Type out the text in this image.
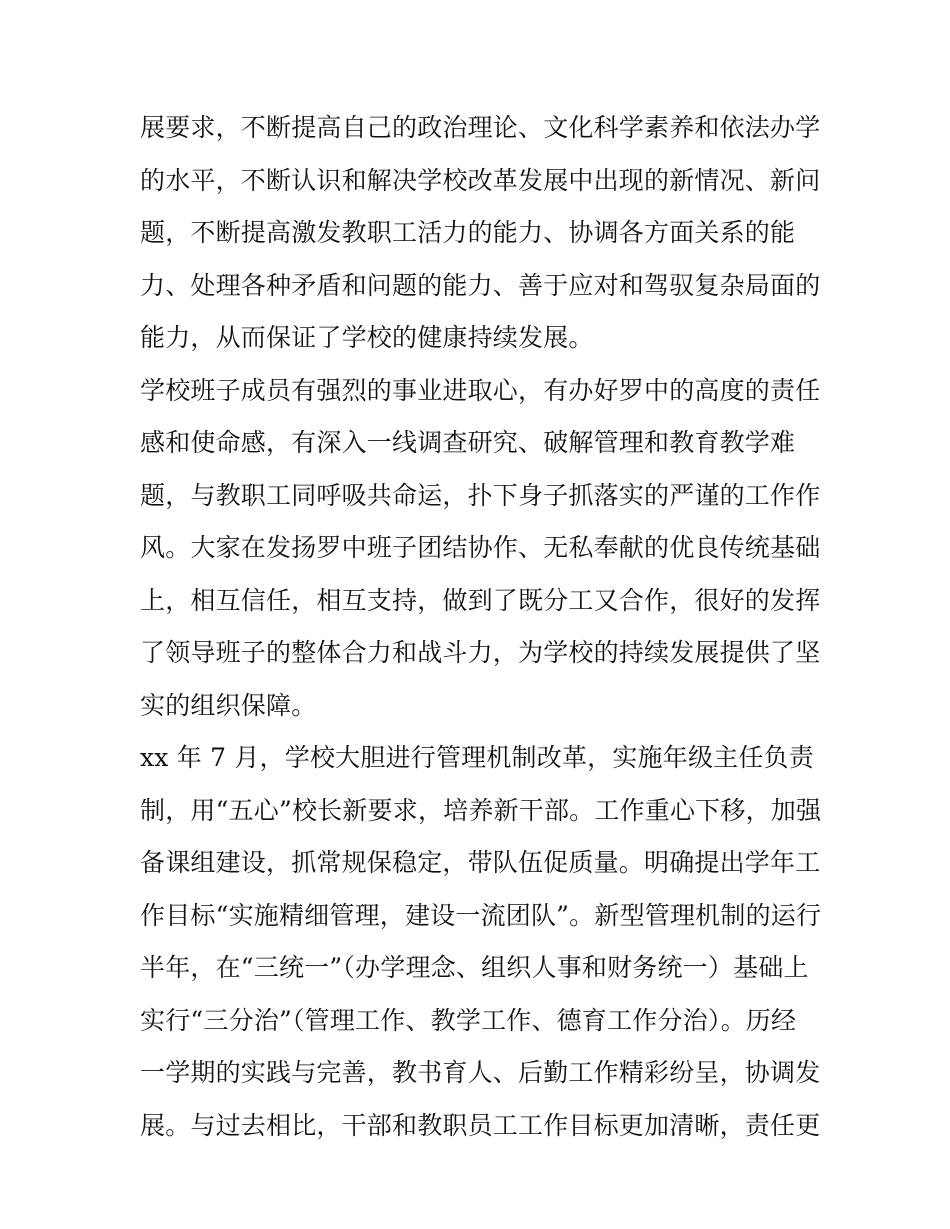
展要求，不断提高自己的政治理论、文化科学素养和依法办学
的水平，不断认识和解决学校改革发展中出现的新情况、新问
题，不断提高激发教职工活力的能力、协调各方面关系的能
力、处理各种矛盾和问题的能力、善于应对和驾驭复杂局面的
能力，从而保证了学校的健康持续发展。
学校班子成员有强烈的事业进取心，有办好罗中的高度的责任
感和使命感，有深入一线调查研究、破解管理和教育教学难
题，与教职工同呼吸共命运，扑下身子抓落实的严谨的工作作
风。大家在发扬罗中班子团结协作、无私奉献的优良传统基础
上，相互信任，相互支持，做到了既分工又合作，很好的发挥
了领导班子的整体合力和战斗力，为学校的持续发展提供了坚
实的组织保障。
xx 年 7 月，学校大胆进行管理机制改革，实施年级主任负责
制，用“五心”校长新要求，培养新干部。工作重心下移，加强
备课组建设，抓常规保稳定，带队伍促质量。明确提出学年工
作目标“实施精细管理，建设一流团队”。新型管理机制的运行
半年，在“三统一”（办学理念、组织人事和财务统一）基础上
实行“三分治”（管理工作、教学工作、德育工作分治）。历经
一学期的实践与完善，教书育人、后勤工作精彩纷呈，协调发
展。与过去相比，干部和教职员工工作目标更加清晰，责任更
